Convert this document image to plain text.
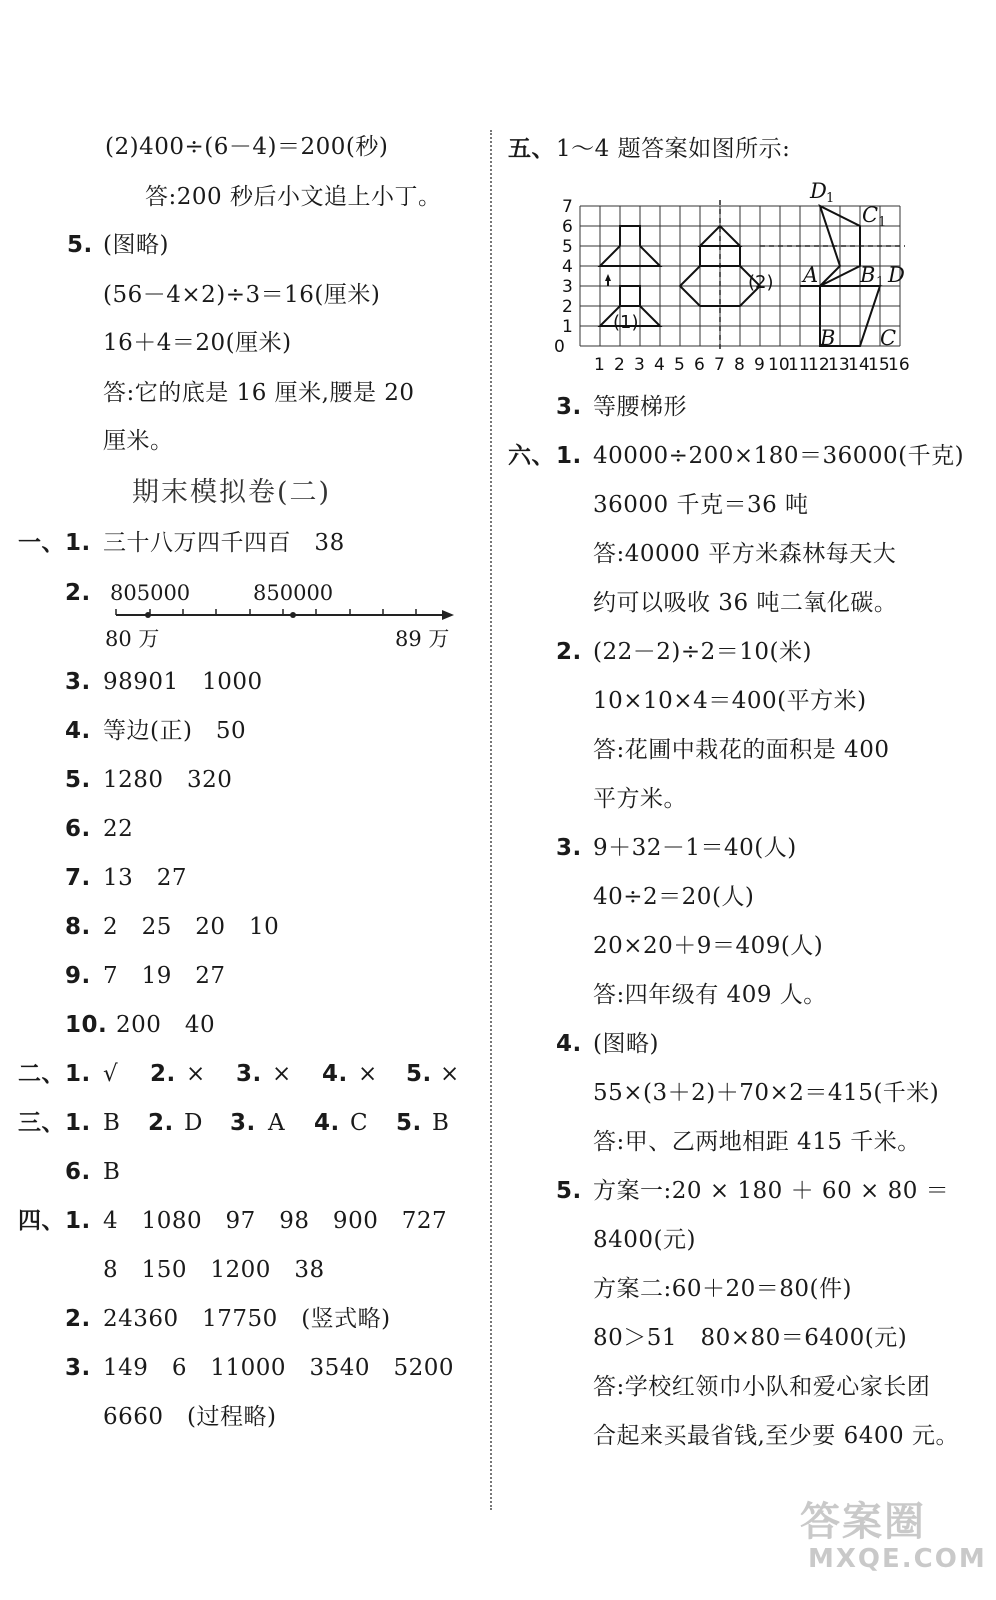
(2)400÷(6－4)＝200(秒)
答:200 秒后小文追上小丁。
5. (图略)
(56－4×2)÷3＝16(厘米)
16＋4＝20(厘米)
答:它的底是 16 厘米,腰是 20
厘米。
期末模拟卷(二)
一、 1. 三十八万四千四百   38
2. 805000	850000
80 万	89 万
3. 98901   1000
4. 等边(正)   50
5. 1280   320
6. 22
7. 13   27
8. 2   25   20   10
9. 7   19   27
10. 200   40
二、 1. √ 2. × 3. × 4. × 5. ×
三、 1. B 2. D 3. A 4. C 5. B
6. B
四、 1. 4   1080   97   98   900   727
8   150   1200   38
2. 24360   17750   (竖式略)
3. 149   6   11000   3540   5200
6660   (过程略)
五、 1～4 题答案如图所示:
(2)
(1)
D 1
C 1
A B 1 D
B C
0
1
2
3
4
5
6
7
1 2 3 4 5 6 7 8 9 10
11
12
13
14
15
16
3. 等腰梯形
六、 1. 40000÷200×180＝36000(千克)
36000 千克＝36 吨
答:40000 平方米森林每天大
约可以吸收 36 吨二氧化碳。
2. (22－2)÷2＝10(米)
10×10×4＝400(平方米)
答:花圃中栽花的面积是 400
平方米。
3. 9＋32－1＝40(人)
40÷2＝20(人)
20×20＋9＝409(人)
答:四年级有 409 人。
4. (图略)
55×(3＋2)＋70×2＝415(千米)
答:甲、乙两地相距 415 千米。
5. 方案一:20 × 180 ＋ 60 × 80 ＝
8400(元)
方案二:60＋20＝80(件)
80＞51   80×80＝6400(元)
答:学校红领巾小队和爱心家长团
合起来买最省钱,至少要 6400 元。
答案圈
MXQE.COM
